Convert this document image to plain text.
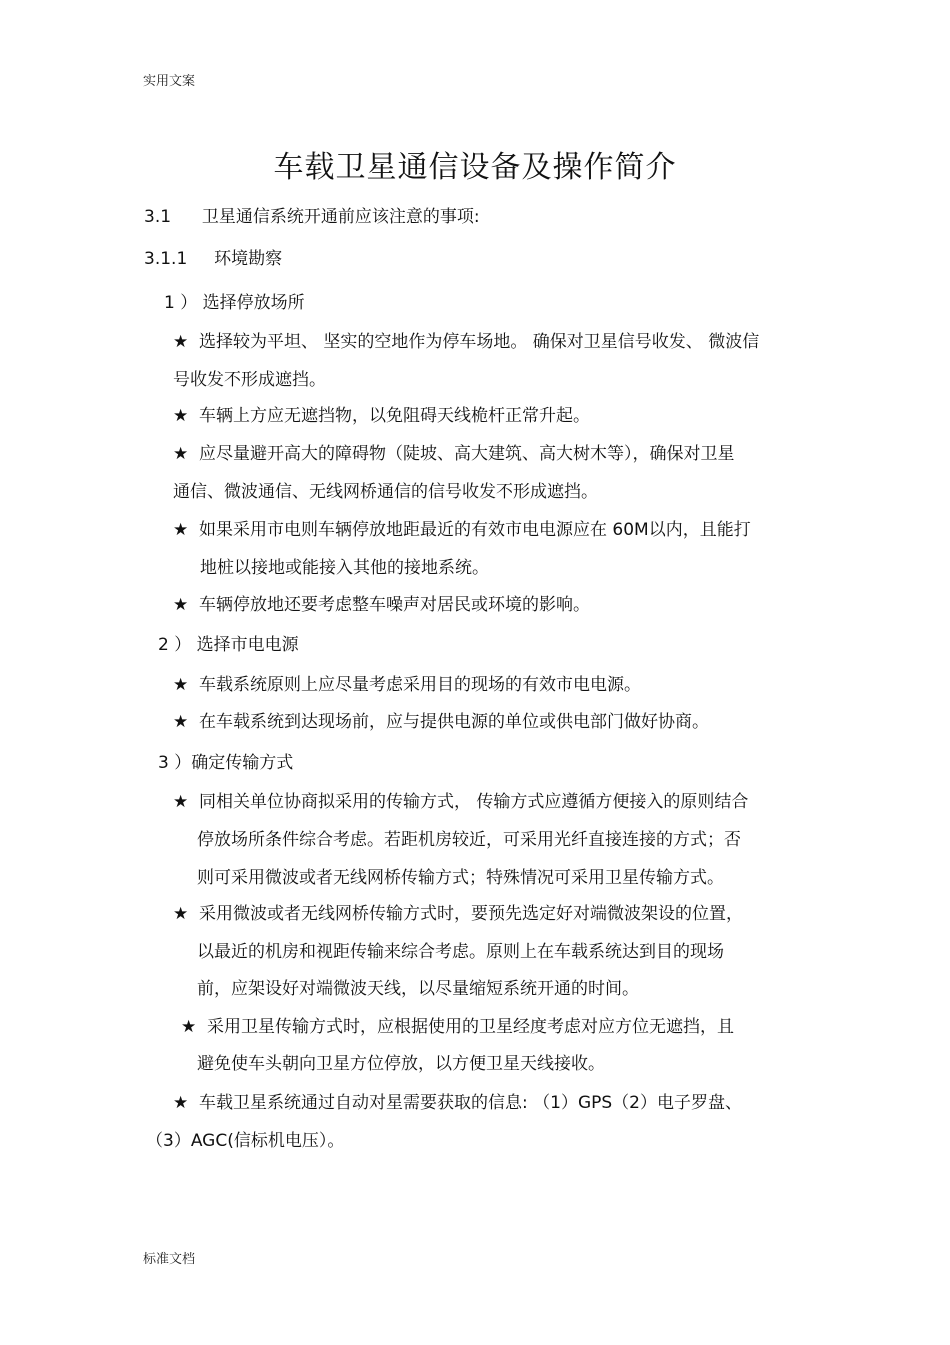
实用文案
车载卫星通信设备及操作简介
3.1 卫星通信系统开通前应该注意的事项:
3.1.1 环境勘察
1 ） 选择停放场所
★ 选择较为平坦、 坚实的空地作为停车场地。 确保对卫星信号收发、 微波信
号收发不形成遮挡。
★ 车辆上方应无遮挡物，以免阻碍天线桅杆正常升起。
★ 应尽量避开高大的障碍物（陡坡、高大建筑、高大树木等），确保对卫星
通信、微波通信、无线网桥通信的信号收发不形成遮挡。
★ 如果采用市电则车辆停放地距最近的有效市电电源应在 60M以内，且能打
地桩以接地或能接入其他的接地系统。
★ 车辆停放地还要考虑整车噪声对居民或环境的影响。
2 ） 选择市电电源
★ 车载系统原则上应尽量考虑采用目的现场的有效市电电源。
★ 在车载系统到达现场前，应与提供电源的单位或供电部门做好协商。
3 ）确定传输方式
★ 同相关单位协商拟采用的传输方式， 传输方式应遵循方便接入的原则结合
停放场所条件综合考虑。若距机房较近，可采用光纤直接连接的方式；否
则可采用微波或者无线网桥传输方式；特殊情况可采用卫星传输方式。
★ 采用微波或者无线网桥传输方式时，要预先选定好对端微波架设的位置，
以最近的机房和视距传输来综合考虑。原则上在车载系统达到目的现场
前，应架设好对端微波天线，以尽量缩短系统开通的时间。
★ 采用卫星传输方式时，应根据使用的卫星经度考虑对应方位无遮挡，且
避免使车头朝向卫星方位停放，以方便卫星天线接收。
★ 车载卫星系统通过自动对星需要获取的信息: （1）GPS（2）电子罗盘、
（3）AGC(信标机电压）。
标准文档
